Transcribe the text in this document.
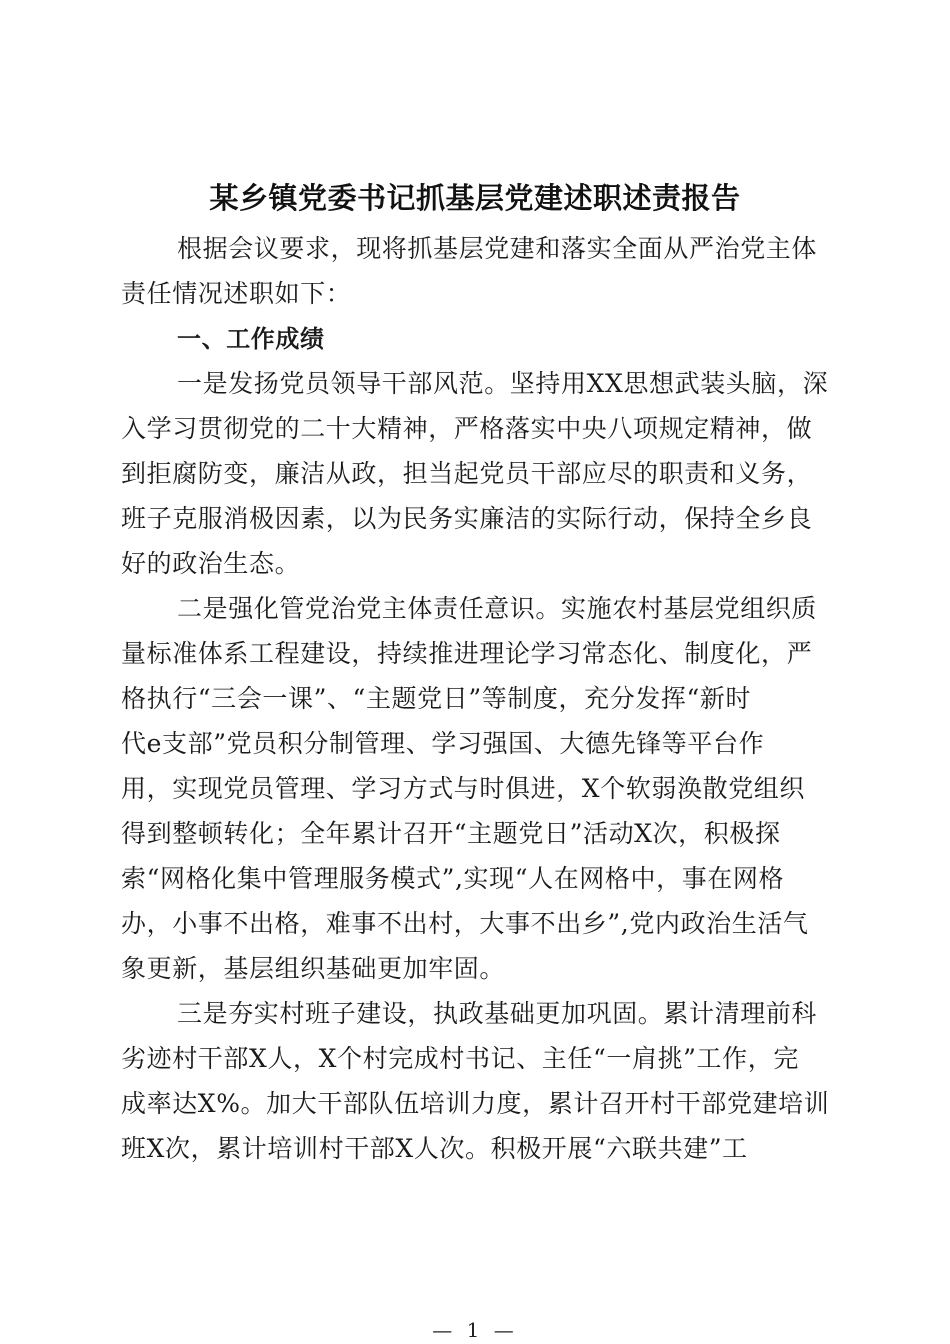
某乡镇党委书记抓基层党建述职述责报告
根据会议要求，现将抓基层党建和落实全面从严治党主体
责任情况述职如下：
一、工作成绩
一是发扬党员领导干部风范。坚持用XX思想武装头脑，深
入学习贯彻党的二十大精神，严格落实中央八项规定精神，做
到拒腐防变，廉洁从政，担当起党员干部应尽的职责和义务，
班子克服消极因素，以为民务实廉洁的实际行动，保持全乡良
好的政治生态。
二是强化管党治党主体责任意识。实施农村基层党组织质
量标准体系工程建设，持续推进理论学习常态化、制度化，严
格执行“三会一课”、“主题党日”等制度，充分发挥“新时
代e支部”党员积分制管理、学习强国、大德先锋等平台作
用，实现党员管理、学习方式与时俱进，X个软弱涣散党组织
得到整顿转化；全年累计召开“主题党日”活动X次，积极探
索“网格化集中管理服务模式”,实现“人在网格中，事在网格
办，小事不出格，难事不出村，大事不出乡”,党内政治生活气
象更新，基层组织基础更加牢固。
三是夯实村班子建设，执政基础更加巩固。累计清理前科
劣迹村干部X人，X个村完成村书记、主任“一肩挑”工作，完
成率达X%。加大干部队伍培训力度，累计召开村干部党建培训
班X次，累计培训村干部X人次。积极开展“六联共建”工
— 1 —
